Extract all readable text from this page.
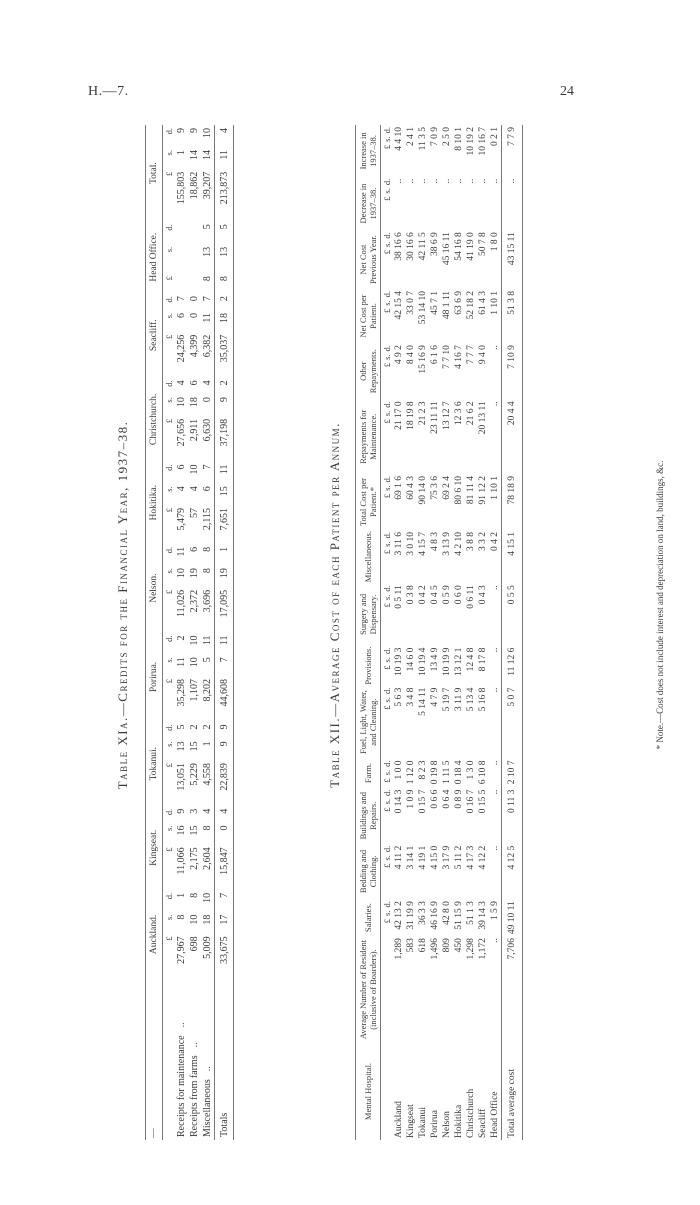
H.—7.	24
Table XIa.—Credits for the Financial Year, 1937–38.
—	Auckland.			Kingseat.			Tokanui.			Porirua.			Nelson.			Hokitika.			Christchurch.			Seacliff.			Head Office.			Total.		
	£	s.	d.	£	s.	d.	£	s.	d.	£	s.	d.	£	s.	d.	£	s.	d.	£	s.	d.	£	s.	d.	£	s.	d.	£	s.	d.
Receipts for maintenance..	27,967	8	1	11,066	16	9	13,051	13	5	35,298	11	2	11,026	10	11	5,479	4	6	27,656	10	4	24,256	6	7				155,803	1	9
Receipts from farms..	698	10	8	2,175	15	3	5,229	15	2	1,107	10	10	2,372	19	6	57	4	10	2,911	18	6	4,399	0	0				18,862	14	9
Miscellaneous..	5,009	18	10	2,604	8	4	4,558	1	2	8,202	5	11	3,696	8	8	2,115	6	7	6,630	0	4	6,382	11	7	8	13	5	39,207	14	10
Totals	33,675	17	7	15,847	0	4	22,839	9	9	44,608	7	11	17,095	19	1	7,651	15	11	37,198	9	2	35,037	18	2	8	13	5	213,873	11	4
Table XII.—Average Cost of each Patient per Annum.
Mental Hospital.	Average Number of Resident (inclusive of Boarders).	Salaries.	Bedding and Clothing.	Buildings and Repairs.	Farm.	Fuel, Light, Water, and Cleaning.	Provisions.	Surgery and Dispensary.	Miscellaneous.	Total Cost per Patient.*	Repayments for Maintenance.	Other Repayments.	Net Cost per Patient.	Net Cost Previous Year.	Decrease in 1937–38.	Increase in 1937–38.
		£s.d.	£s.d.	£s.d.	£s.d.	£s.d.	£s.d.	£s.d.	£s.d.	£s.d.	£s.d.	£s.d.	£s.d.	£s.d.	£s.d.	£s.d.
Auckland	1,289	42 13 2	4 11 2	0 14 3	1 0 0	5 6 3	10 19 3	0 5 11	3 11 6	69 1 6	21 17 0	4 9 2	42 15 4	38 16 6	..	4 4 10
Kingseat	583	31 19 9	3 14 1	1 0 9	1 12 0	3 4 8	14 6 0	0 3 8	3 0 10	60 4 3	18 19 8	8 4 0	33 0 7	30 16 6	..	2 4 1
Tokanui	618	36 3 3	4 19 1	0 15 7	8 2 3	5 14 11	10 19 4	0 4 2	4 15 7	90 14 0	21 2 3	15 16 9	53 14 10	42 11 5	..	11 3 5
Porirua	1,496	46 16 9	4 15 0	0 6 6	0 19 8	4 7 9	13 4 9	0 4 5	4 8 3	75 3 6	23 11 11	6 1 6	45 7 1	38 6 9	..	7 0 9
Nelson	809	42 8 0	3 17 9	0 6 4	1 11 5	5 19 7	10 19 9	0 5 9	3 13 9	69 2 4	13 12 7	7 7 10	48 1 11	45 16 11	..	2 5 0
Hokitika	450	51 15 9	5 11 2	0 8 9	0 18 4	3 11 9	13 12 1	0 6 0	4 2 10	80 6 10	12 3 6	4 16 7	63 6 9	54 16 8	..	8 10 1
Christchurch	1,298	51 1 3	4 17 3	0 16 7	1 3 0	5 13 4	12 4 8	0 6 11	3 8 8	81 11 4	21 6 2	7 7 7	52 18 2	41 19 0	..	10 19 2
Seacliff	1,172	39 14 3	4 12 2	0 15 5	6 10 8	5 16 8	8 17 8	0 4 3	3 3 2	91 12 2	20 13 11	9 4 0	61 4 3	50 7 8	..	10 16 7
Head Office	..	1 5 9	..	..	..	..	..	..	0 4 2	1 10 1	..	..	1 10 1	1 8 0	..	0 2 1
Total average cost	7,706	49 10 11	4 12 5	0 11 3	2 10 7	5 0 7	11 12 6	0 5 5	4 15 1	78 18 9	20 4 4	7 10 9	51 3 8	43 15 11	..	7 7 9
* Note.—Cost does not include interest and depreciation on land, buildings, &c.
